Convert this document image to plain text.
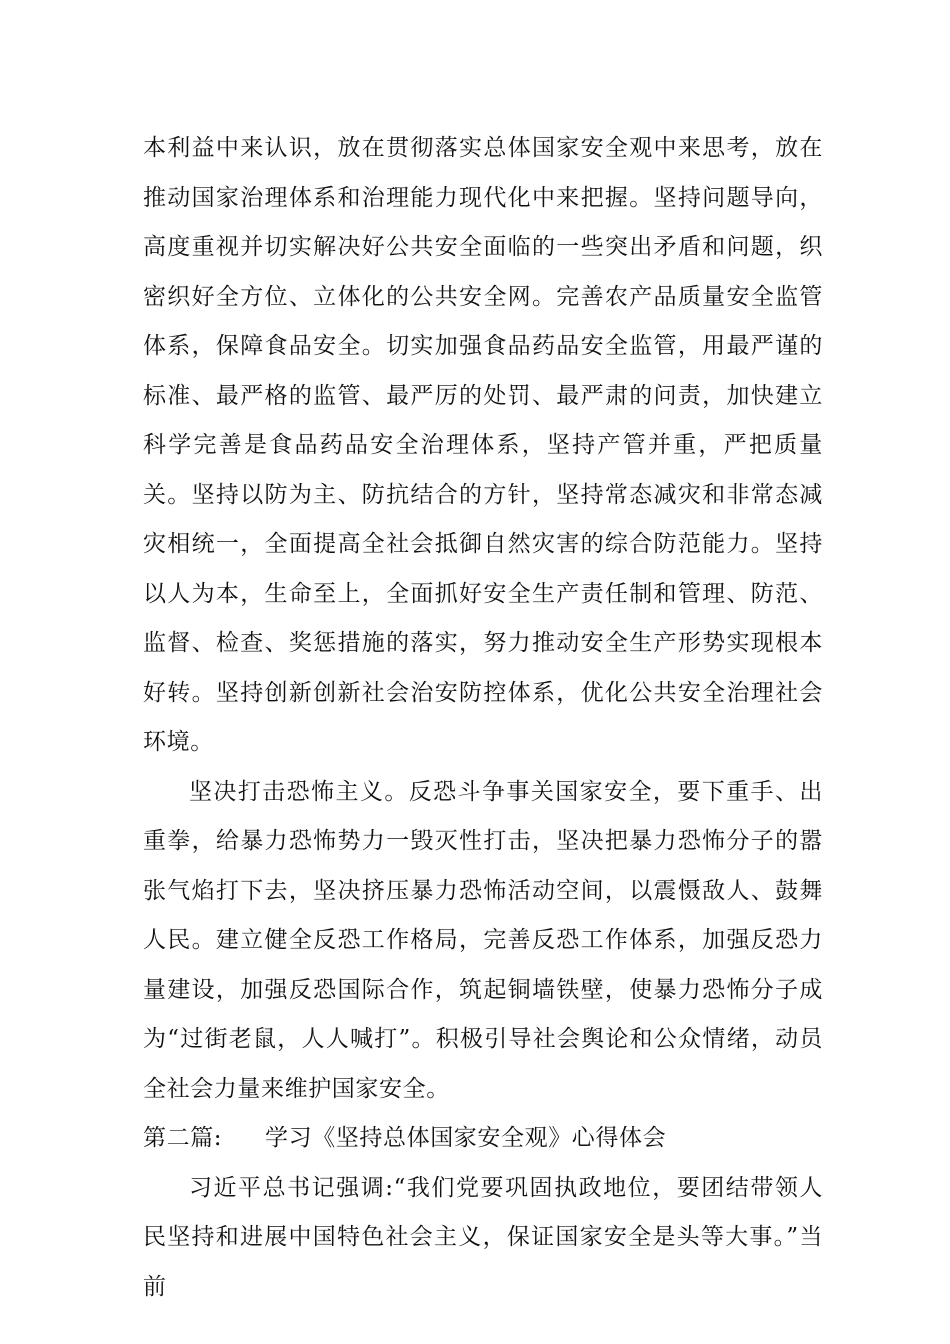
本利益中来认识，放在贯彻落实总体国家安全观中来思考，放在推动国家治理体系和治理能力现代化中来把握。坚持问题导向，高度重视并切实解决好公共安全面临的一些突出矛盾和问题，织密织好全方位、立体化的公共安全网。完善农产品质量安全监管体系，保障食品安全。切实加强食品药品安全监管，用最严谨的标准、最严格的监管、最严厉的处罚、最严肃的问责，加快建立科学完善是食品药品安全治理体系，坚持产管并重，严把质量关。坚持以防为主、防抗结合的方针，坚持常态减灾和非常态减灾相统一，全面提高全社会抵御自然灾害的综合防范能力。坚持以人为本，生命至上，全面抓好安全生产责任制和管理、防范、监督、检查、奖惩措施的落实，努力推动安全生产形势实现根本好转。坚持创新创新社会治安防控体系，优化公共安全治理社会环境。

坚决打击恐怖主义。反恐斗争事关国家安全，要下重手、出重拳，给暴力恐怖势力一毁灭性打击，坚决把暴力恐怖分子的嚣张气焰打下去，坚决挤压暴力恐怖活动空间，以震慑敌人、鼓舞人民。建立健全反恐工作格局，完善反恐工作体系，加强反恐力量建设，加强反恐国际合作，筑起铜墙铁壁，使暴力恐怖分子成为“过街老鼠，人人喊打”。积极引导社会舆论和公众情绪，动员全社会力量来维护国家安全。

第二篇: 学习《坚持总体国家安全观》心得体会

习近平总书记强调:“我们党要巩固执政地位，要团结带领人民坚持和进展中国特色社会主义，保证国家安全是头等大事。”当前
